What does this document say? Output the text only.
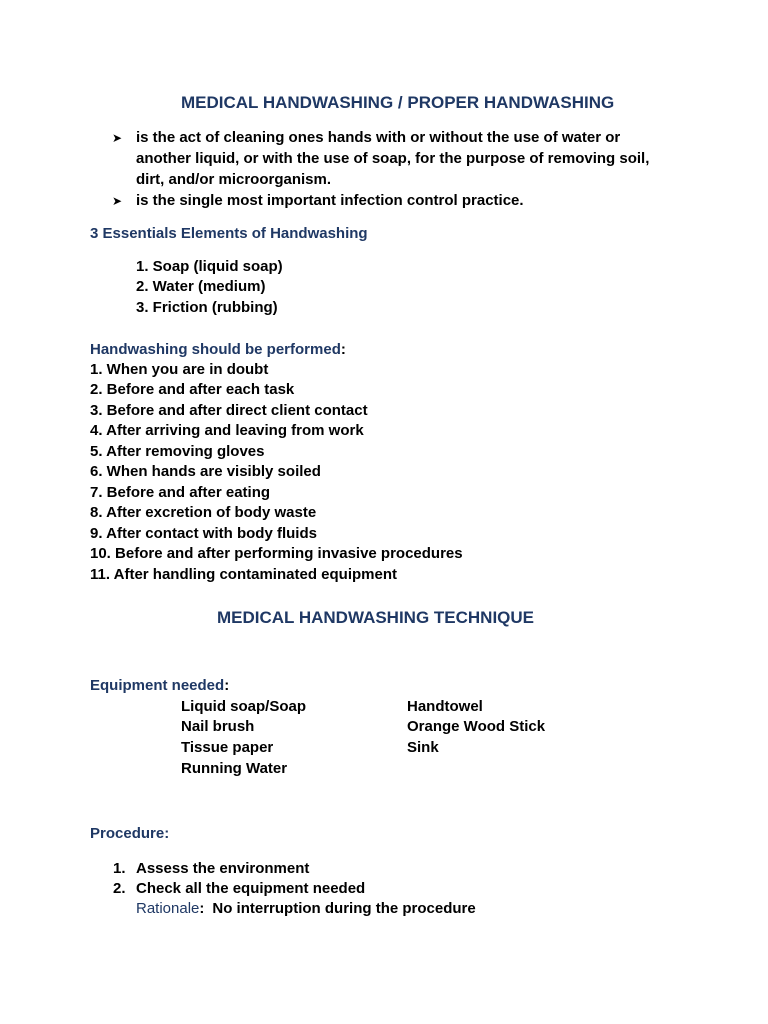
MEDICAL HANDWASHING / PROPER HANDWASHING
➤ is the act of cleaning ones hands with or without the use of water or
another liquid, or with the use of soap, for the purpose of removing soil,
dirt, and/or microorganism.
➤ is the single most important infection control practice.
3 Essentials Elements of Handwashing
1. Soap (liquid soap)
2. Water (medium)
3. Friction (rubbing)
Handwashing should be performed:
1. When you are in doubt
2. Before and after each task
3. Before and after direct client contact
4. After arriving and leaving from work
5. After removing gloves
6. When hands are visibly soiled
7. Before and after eating
8. After excretion of body waste
9. After contact with body fluids
10. Before and after performing invasive procedures
11. After handling contaminated equipment
MEDICAL HANDWASHING TECHNIQUE
Equipment needed:
Liquid soap/Soap
Nail brush
Tissue paper
Running Water
Handtowel
Orange Wood Stick
Sink
Procedure:
1. Assess the environment
2. Check all the equipment needed
Rationale: No interruption during the procedure
